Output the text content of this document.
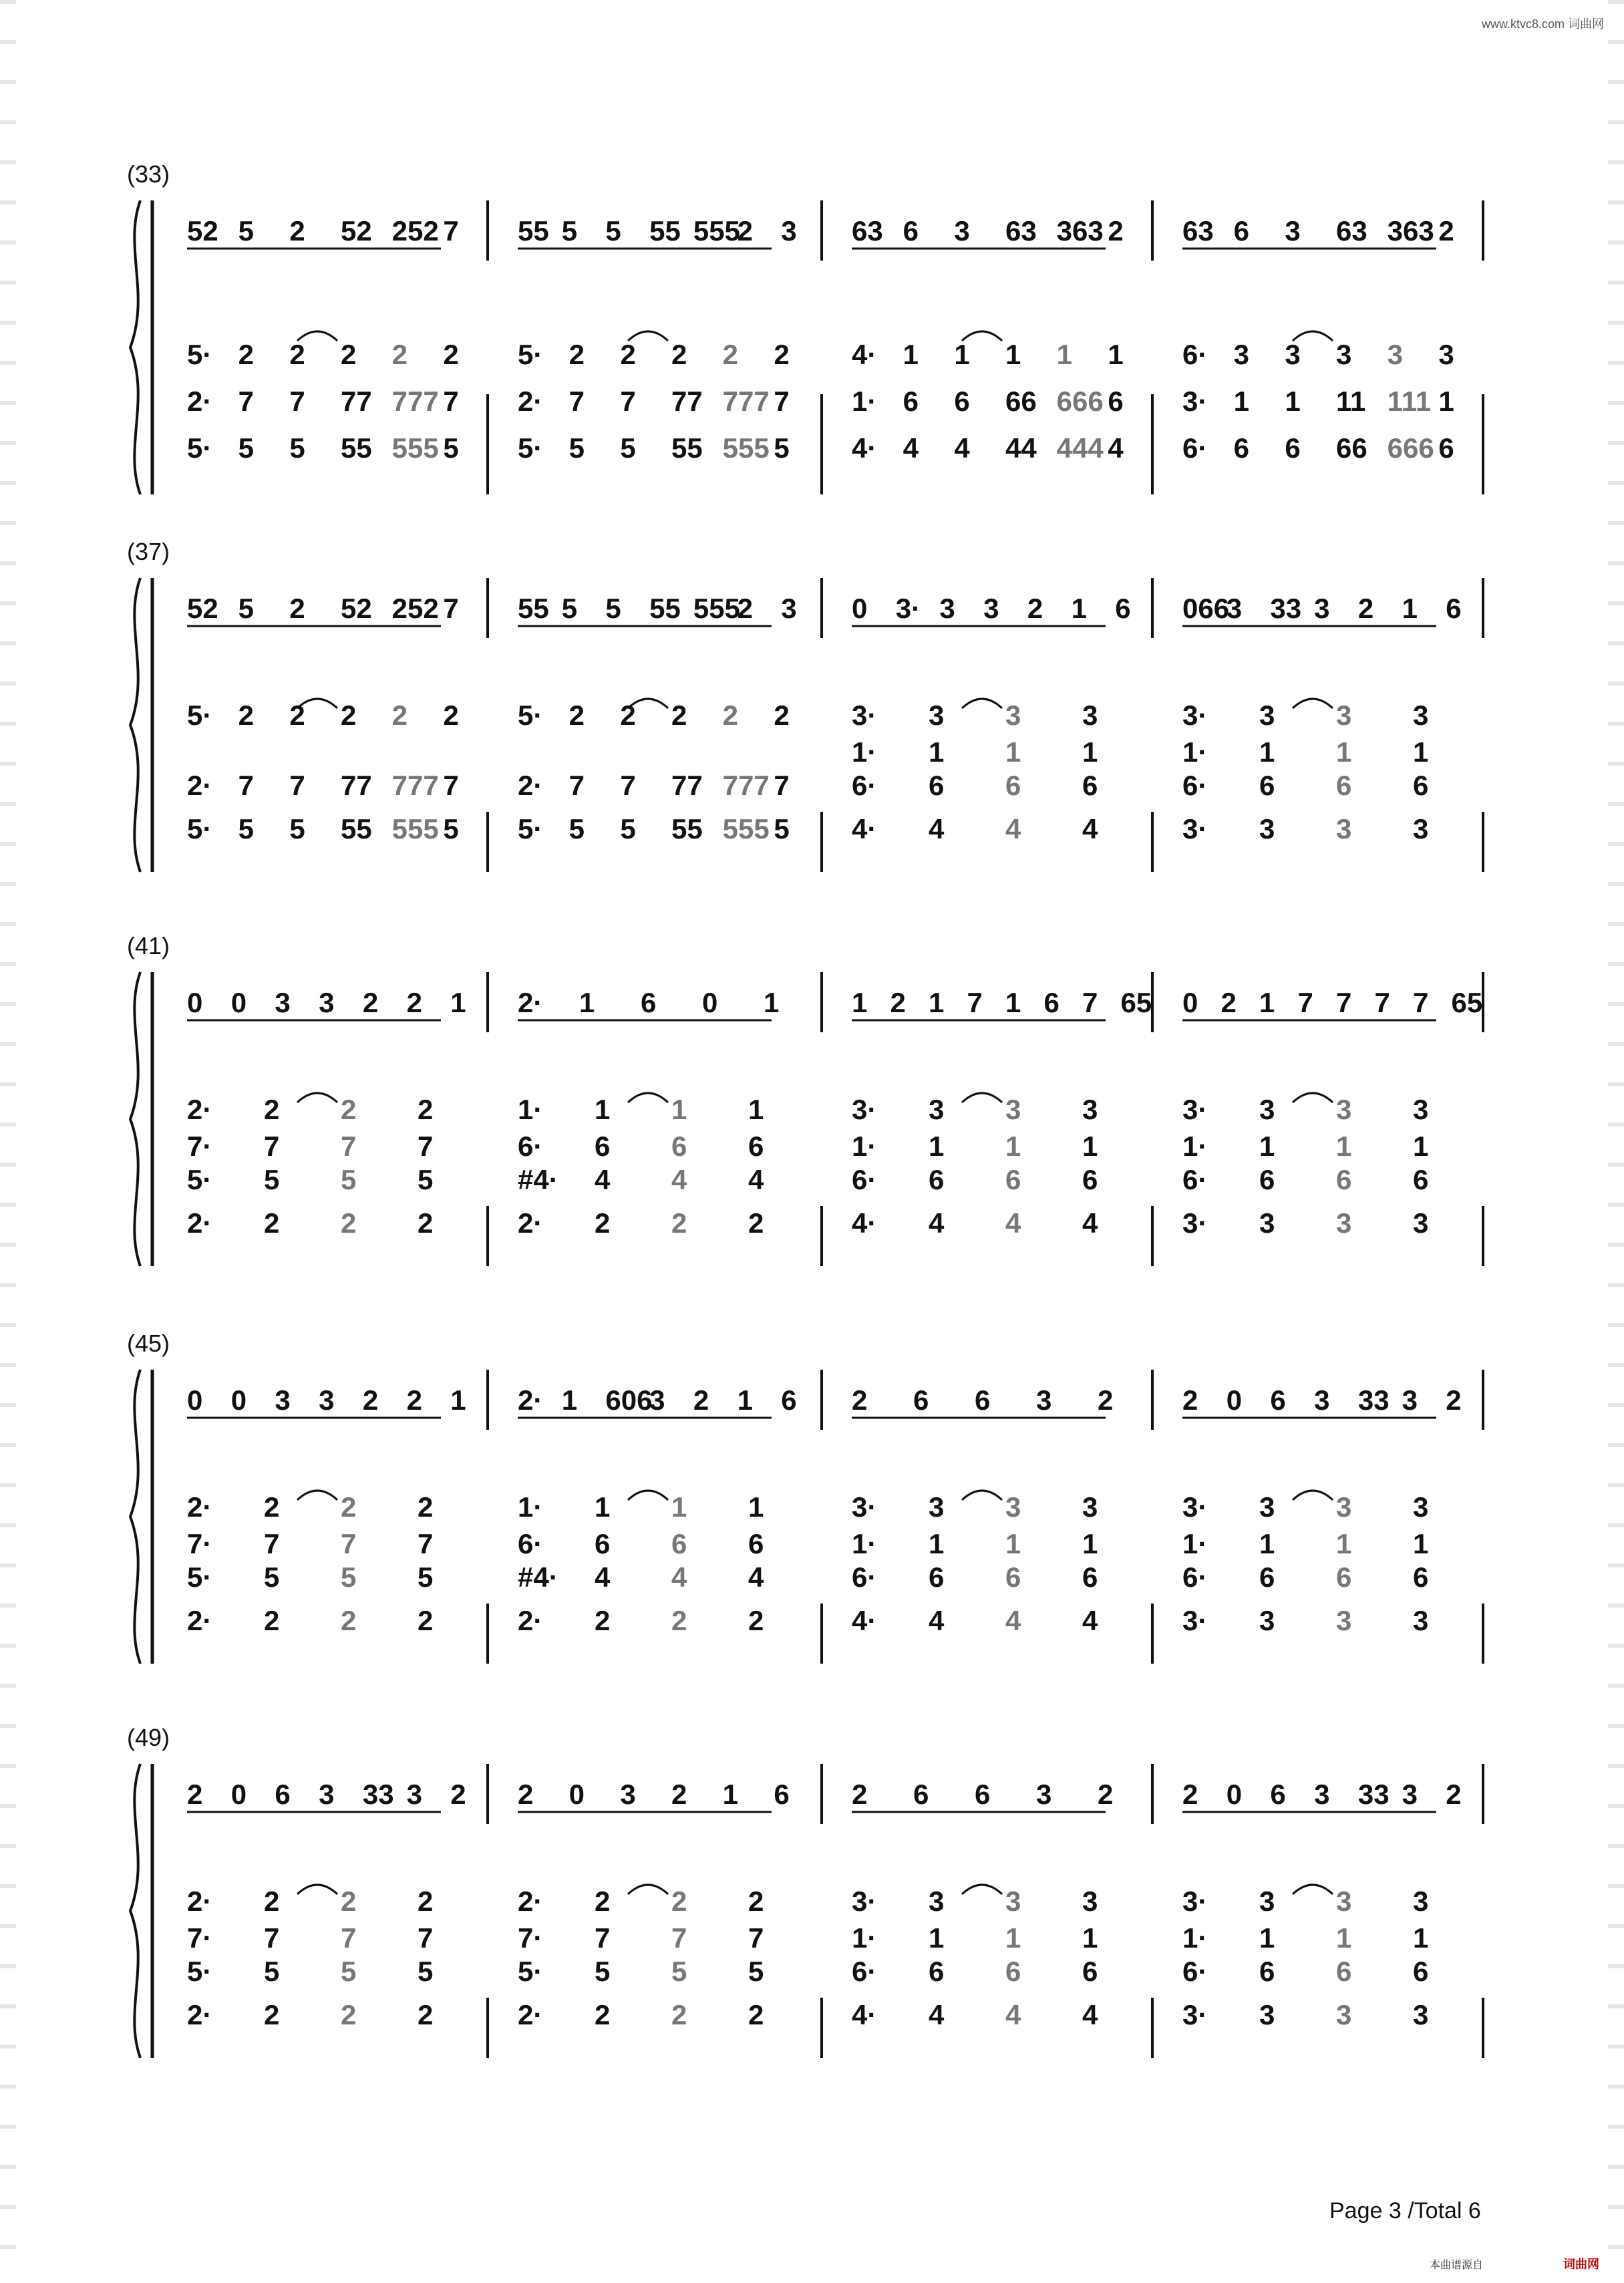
www.ktvc8.com 词曲网
(33)
52 5 2 52 252 7
5· 2 2 2 2 2
2· 7 7 77 777 7
5· 5 5 55 555 5
55 5 5 55 555
2 3
5· 2 2 2 2 2
2· 7 7 77 777 7
5· 5 5 55 555 5
63 6 3 63 363 2
4· 1 1 1 1 1
1· 6 6 66 666 6
4· 4 4 44 444 4
63 6 3 63 363 2
6· 3 3 3 3 3
3· 1 1 11 111 1
6· 6 6 66 666 6
(37)
52 5 2 52 252 7
5· 2 2 2 2 2
2· 7 7 77 777 7
5· 5 5 55 555 5
55 5 5 55 555
2 3
5· 2 2 2 2 2
2· 7 7 77 777 7
5· 5 5 55 555 5
0 3· 3 3 2 1 6
3· 3 3 3
1· 1 1 1
6· 6 6 6
4· 4 4 4
066
3 33 3 2 1 6
3· 3 3 3
1· 1 1 1
6· 6 6 6
3· 3 3 3
(41)
0 0 3 3 2 2 1
2· 2 2 2
7· 7 7 7
5· 5 5 5
2· 2 2 2
2· 1 6 0 1
1· 1 1 1
6· 6 6 6
#4· 4 4 4
2· 2 2 2
1 2 1 7 1 6 7 65
3· 3 3 3
1· 1 1 1
6· 6 6 6
4· 4 4 4
0 2 1 7 7 7 7 65
3· 3 3 3
1· 1 1 1
6· 6 6 6
3· 3 3 3
(45)
0 0 3 3 2 2 1
2· 2 2 2
7· 7 7 7
5· 5 5 5
2· 2 2 2
2· 1 606
3 2 1 6
1· 1 1 1
6· 6 6 6
#4· 4 4 4
2· 2 2 2
2 6 6 3 2
3· 3 3 3
1· 1 1 1
6· 6 6 6
4· 4 4 4
2 0 6 3 33 3 2
3· 3 3 3
1· 1 1 1
6· 6 6 6
3· 3 3 3
(49)
2 0 6 3 33 3 2
2· 2 2 2
7· 7 7 7
5· 5 5 5
2· 2 2 2
2 0 3 2 1 6
2· 2 2 2
7· 7 7 7
5· 5 5 5
2· 2 2 2
2 6 6 3 2
3· 3 3 3
1· 1 1 1
6· 6 6 6
4· 4 4 4
2 0 6 3 33 3 2
3· 3 3 3
1· 1 1 1
6· 6 6 6
3· 3 3 3
Page 3 /Total 6
本曲谱源自	词曲网
